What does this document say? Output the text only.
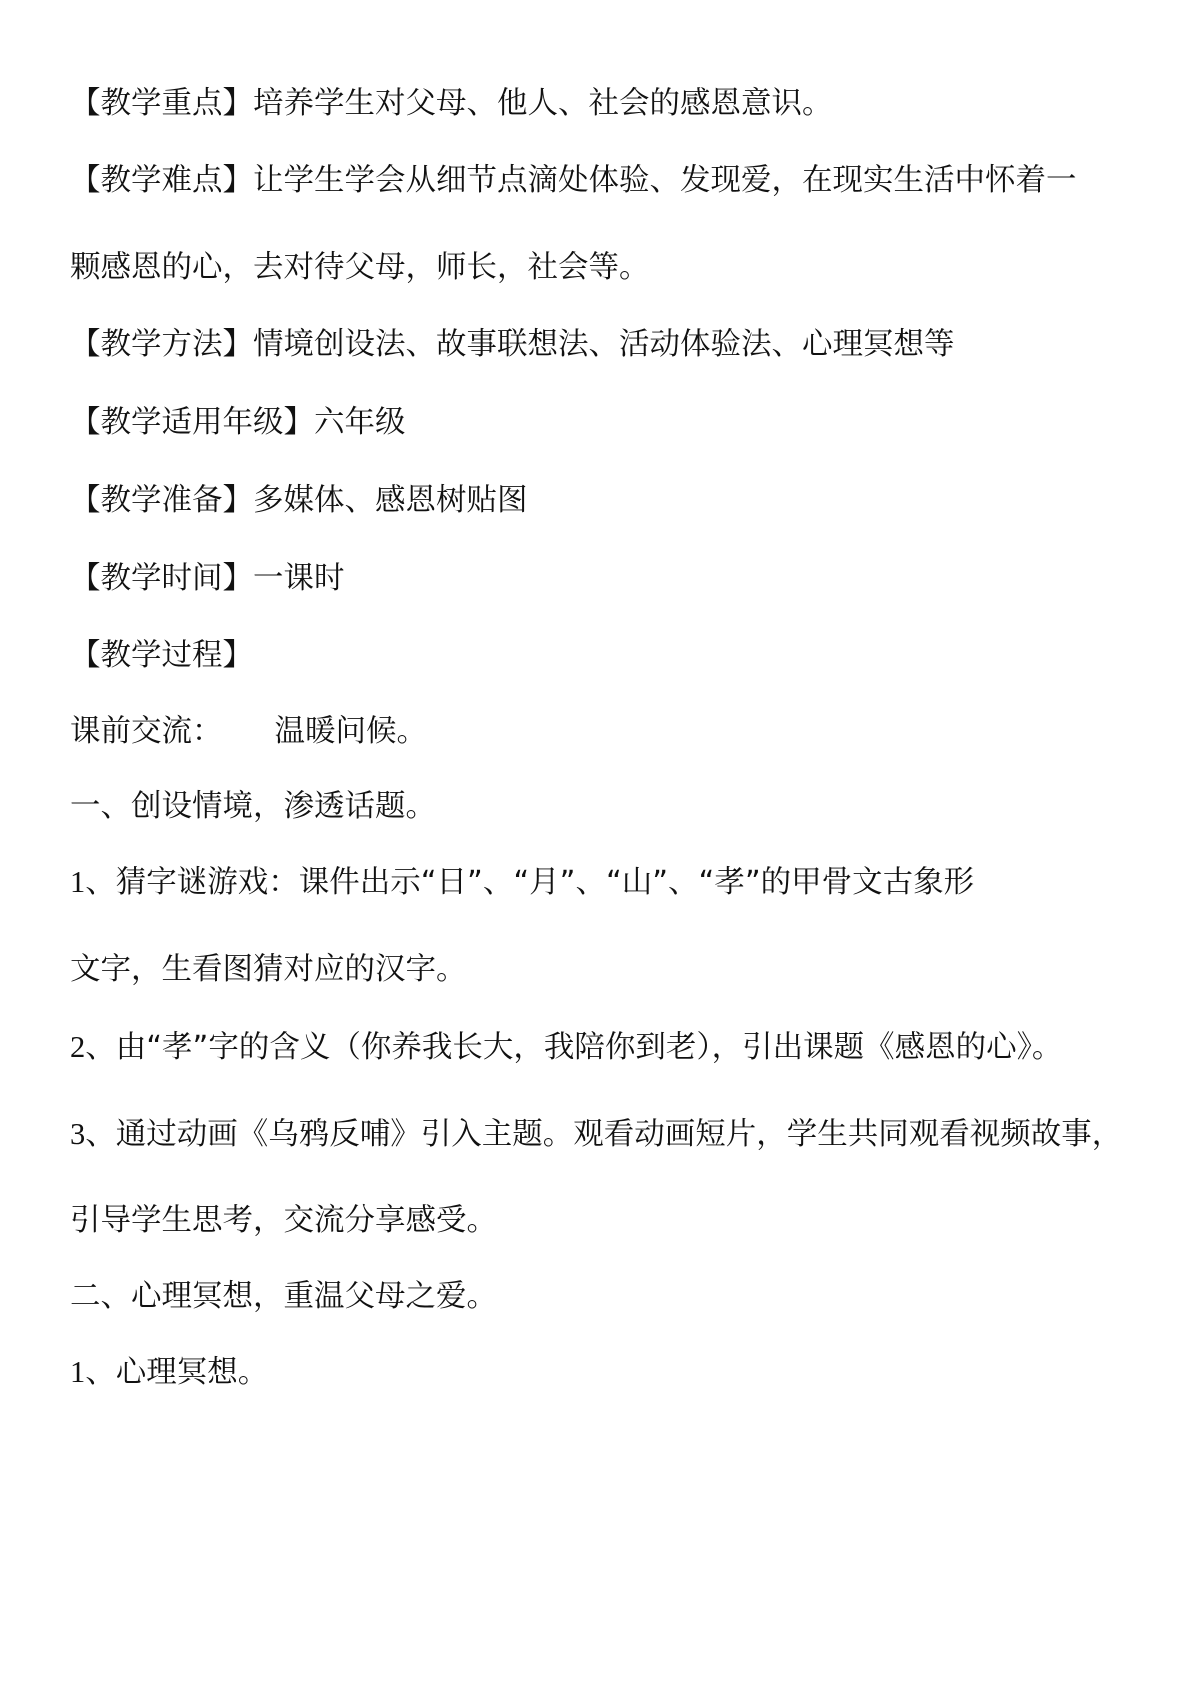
【教学重点】培养学生对父母、他人、社会的感恩意识。
【教学难点】让学生学会从细节点滴处体验、发现爱，在现实生活中怀着一
颗感恩的心，去对待父母，师长，社会等。
【教学方法】情境创设法、故事联想法、活动体验法、心理冥想等
【教学适用年级】六年级
【教学准备】多媒体、感恩树贴图
【教学时间】一课时
【教学过程】
课前交流： 温暖问候。
一、创设情境，渗透话题。
1、猜字谜游戏：课件出示“日”、“月”、“山”、“孝”的甲骨文古象形
文字，生看图猜对应的汉字。
2、由“孝”字的含义（你养我长大，我陪你到老），引出课题《感恩的心》。
3、通过动画《乌鸦反哺》引入主题。观看动画短片，学生共同观看视频故事，
引导学生思考，交流分享感受。
二、心理冥想，重温父母之爱。
1、心理冥想。
